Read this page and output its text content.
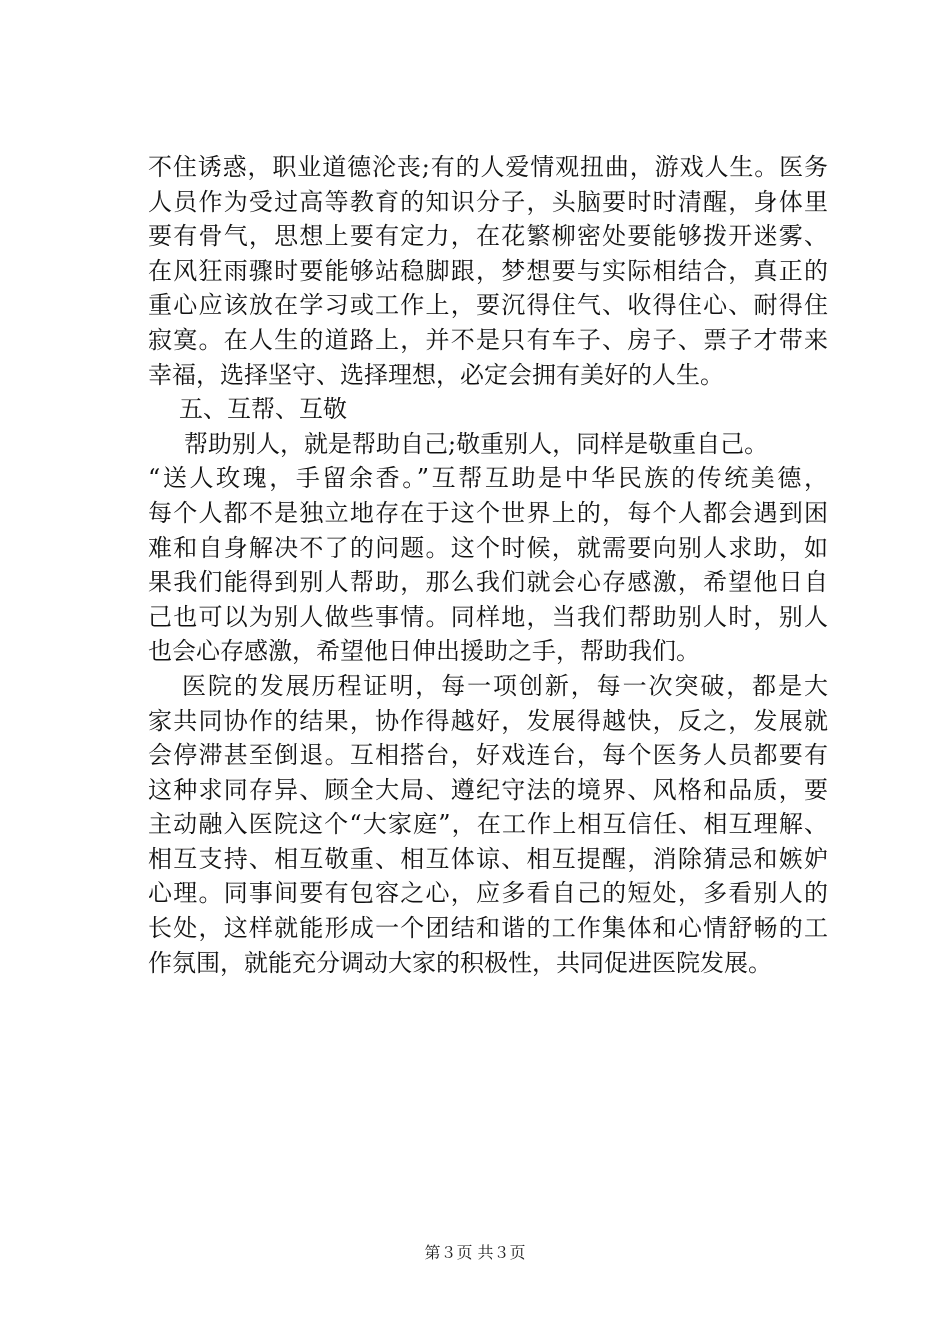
不住诱惑，职业道德沦丧;有的人爱情观扭曲，游戏人生。医务
人员作为受过高等教育的知识分子，头脑要时时清醒，身体里
要有骨气，思想上要有定力，在花繁柳密处要能够拨开迷雾、
在风狂雨骤时要能够站稳脚跟，梦想要与实际相结合，真正的
重心应该放在学习或工作上，要沉得住气、收得住心、耐得住
寂寞。在人生的道路上，并不是只有车子、房子、票子才带来
幸福，选择坚守、选择理想，必定会拥有美好的人生。
五、互帮、互敬
帮助别人，就是帮助自己;敬重别人，同样是敬重自己。
“送人玫瑰，手留余香。”互帮互助是中华民族的传统美德，
每个人都不是独立地存在于这个世界上的，每个人都会遇到困
难和自身解决不了的问题。这个时候，就需要向别人求助，如
果我们能得到别人帮助，那么我们就会心存感激，希望他日自
己也可以为别人做些事情。同样地，当我们帮助别人时，别人
也会心存感激，希望他日伸出援助之手，帮助我们。
医院的发展历程证明，每一项创新，每一次突破，都是大
家共同协作的结果，协作得越好，发展得越快，反之，发展就
会停滞甚至倒退。互相搭台，好戏连台，每个医务人员都要有
这种求同存异、顾全大局、遵纪守法的境界、风格和品质，要
主动融入医院这个“大家庭”，在工作上相互信任、相互理解、
相互支持、相互敬重、相互体谅、相互提醒，消除猜忌和嫉妒
心理。同事间要有包容之心，应多看自己的短处，多看别人的
长处，这样就能形成一个团结和谐的工作集体和心情舒畅的工
作氛围，就能充分调动大家的积极性，共同促进医院发展。
第３页 共３页
